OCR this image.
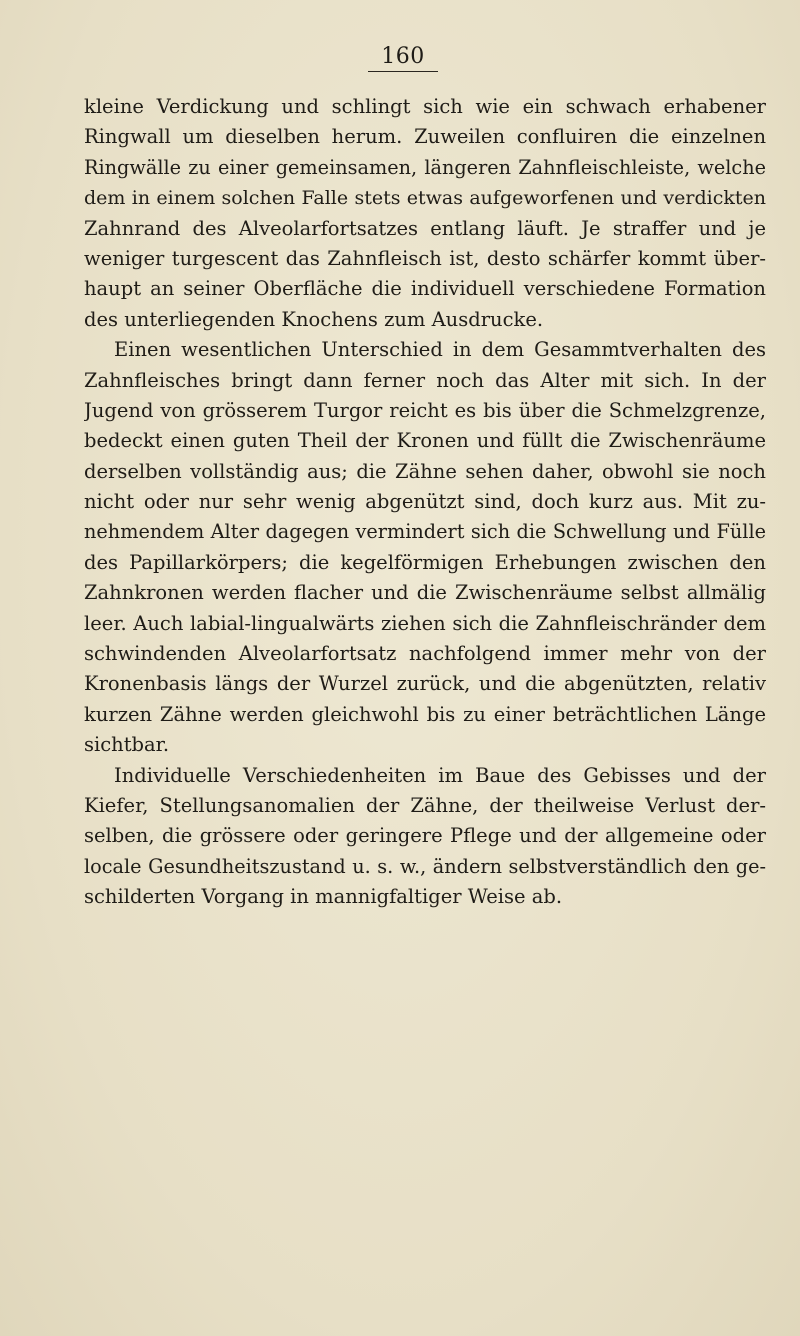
160
kleine Verdickung und schlingt sich wie ein schwach erhabener
Ringwall um dieselben herum. Zuweilen confluiren die einzelnen
Ringwälle zu einer gemeinsamen, längeren Zahnfleischleiste, welche
dem in einem solchen Falle stets etwas aufgeworfenen und verdickten
Zahnrand des Alveolarfortsatzes entlang läuft. Je straffer und je
weniger turgescent das Zahnfleisch ist, desto schärfer kommt über-
haupt an seiner Oberfläche die individuell verschiedene Formation
des unterliegenden Knochens zum Ausdrucke.
Einen wesentlichen Unterschied in dem Gesammtverhalten des
Zahnfleisches bringt dann ferner noch das Alter mit sich. In der
Jugend von grösserem Turgor reicht es bis über die Schmelzgrenze,
bedeckt einen guten Theil der Kronen und füllt die Zwischenräume
derselben vollständig aus; die Zähne sehen daher, obwohl sie noch
nicht oder nur sehr wenig abgenützt sind, doch kurz aus. Mit zu-
nehmendem Alter dagegen vermindert sich die Schwellung und Fülle
des Papillarkörpers; die kegelförmigen Erhebungen zwischen den
Zahnkronen werden flacher und die Zwischenräume selbst allmälig
leer. Auch labial-lingualwärts ziehen sich die Zahnfleischränder dem
schwindenden Alveolarfortsatz nachfolgend immer mehr von der
Kronenbasis längs der Wurzel zurück, und die abgenützten, relativ
kurzen Zähne werden gleichwohl bis zu einer beträchtlichen Länge
sichtbar.
Individuelle Verschiedenheiten im Baue des Gebisses und der
Kiefer, Stellungsanomalien der Zähne, der theilweise Verlust der-
selben, die grössere oder geringere Pflege und der allgemeine oder
locale Gesundheitszustand u. s. w., ändern selbstverständlich den ge-
schilderten Vorgang in mannigfaltiger Weise ab.
